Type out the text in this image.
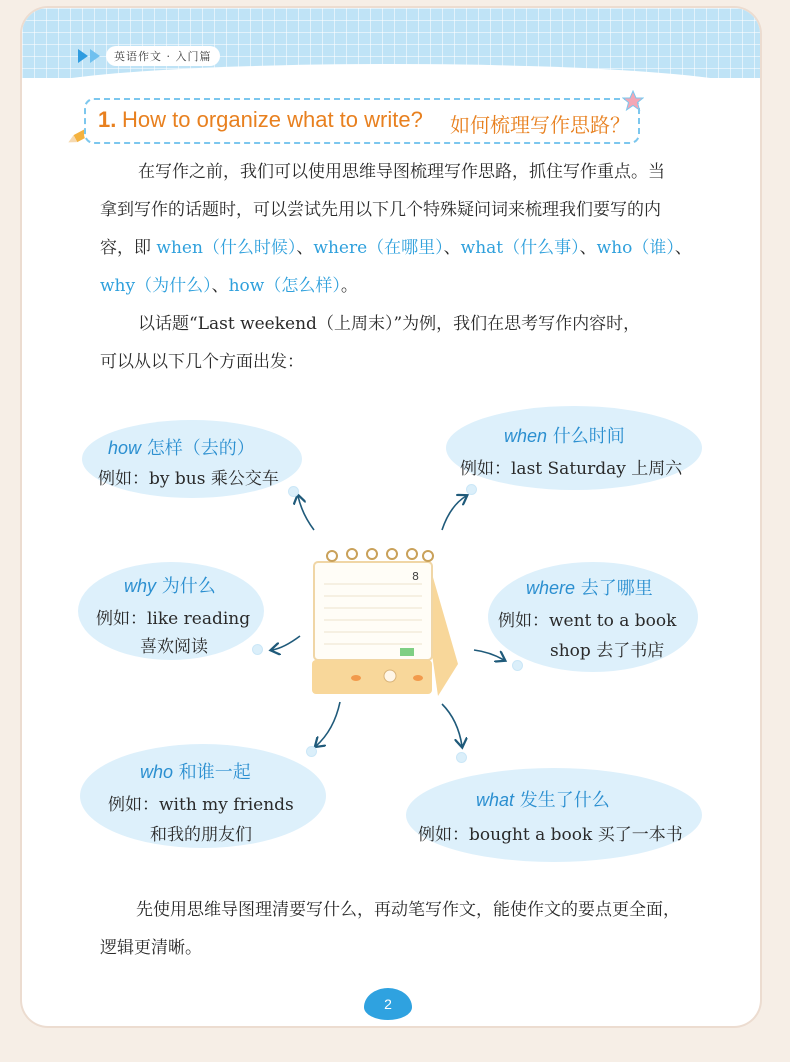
英语作文 · 入门篇
1. How to organize what to write? 如何梳理写作思路？
在写作之前，我们可以使用思维导图梳理写作思路，抓住写作重点。当
拿到写作的话题时，可以尝试先用以下几个特殊疑问词来梳理我们要写的内
容，即 when（什么时候）、where（在哪里）、what（什么事）、who（谁）、
why（为什么）、how（怎么样）。
以话题“Last weekend（上周末）”为例，我们在思考写作内容时，
可以从以下几个方面出发：
8
how 怎样（去的）
例如：by bus 乘公交车
when 什么时间
例如：last Saturday 上周六
why 为什么
例如：like reading
喜欢阅读
where 去了哪里
例如：went to a book
shop 去了书店
who 和谁一起
例如：with my friends
和我的朋友们
what 发生了什么
例如：bought a book 买了一本书
先使用思维导图理清要写什么，再动笔写作文，能使作文的要点更全面，
逻辑更清晰。
2
